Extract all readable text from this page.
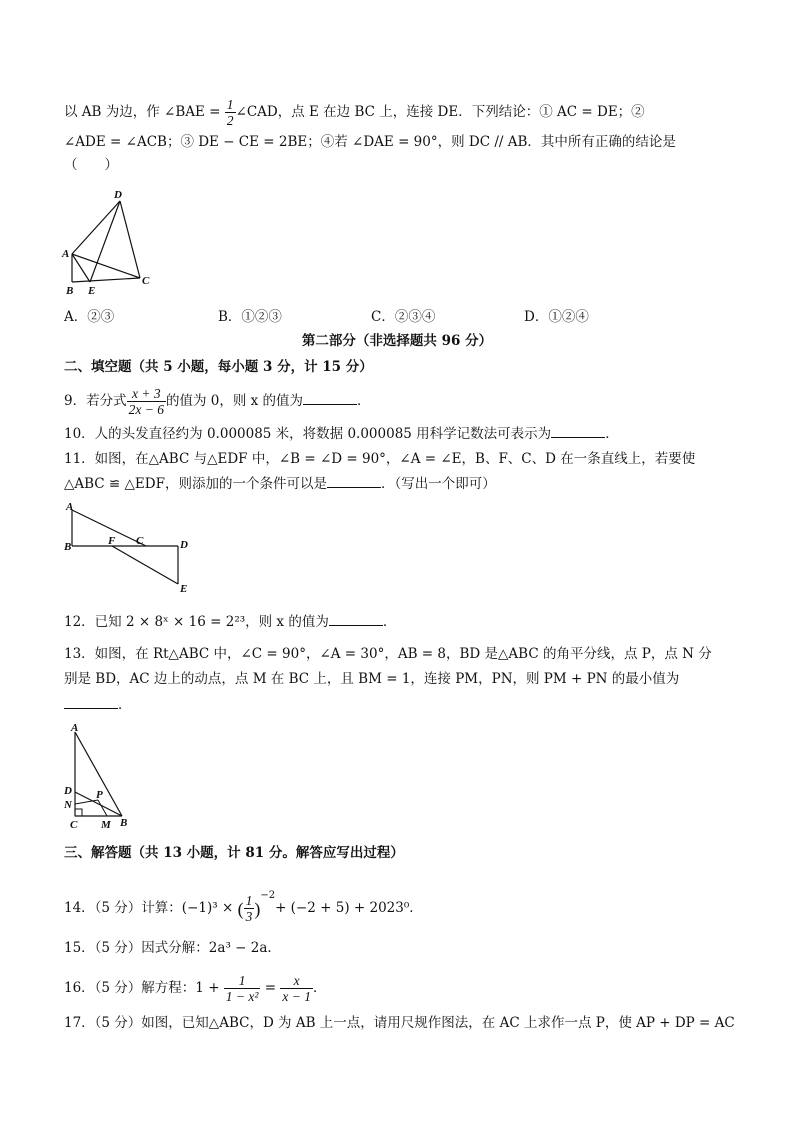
以 AB 为边，作 ∠BAE = $\frac{1}{2}$ ∠CAD，点 E 在边 BC 上，连接 DE．下列结论：① AC = DE；②
∠ADE = ∠ACB；③ DE − CE = 2BE；④若 ∠DAE = 90°，则 DC // AB．其中所有正确的结论是
（　　）
D
A
B E
C
A．②③	B．①②③	C．②③④	D．①②④
第二部分（非选择题共 96 分）
二、填空题（共 5 小题，每小题 3 分，计 15 分）
9．若分式 $\frac{x + 3}{2x - 6}$ 的值为 0，则 x 的值为	．
10．人的头发直径约为 0.000085 米，将数据 0.000085 用科学记数法可表示为	．
11．如图，在△ABC 与△EDF 中，∠B = ∠D = 90°，∠A = ∠E，B、F、C、D 在一条直线上，若要使
△ABC ≌ △EDF，则添加的一个条件可以是	．（写出一个即可）
A
B	F C	D
E
12．已知 2 × 8ˣ × 16 = 2²³，则 x 的值为	．
13．如图，在 Rt△ABC 中，∠C = 90°，∠A = 30°，AB = 8，BD 是△ABC 的角平分线，点 P，点 N 分
别是 BD，AC 边上的动点，点 M 在 BC 上，且 BM = 1，连接 PM，PN，则 PM + PN 的最小值为
．
A
D
N
P
C M B
三、解答题（共 13 小题，计 81 分。解答应写出过程）
14．（5 分）计算：(−1)³ × ( $\frac{1}{3} )^{-2}+ (-2 + 5) + 2023^0$．
15．（5 分）因式分解：2a³ − 2a．
16．（5 分）解方程：$1 + \frac{1}{\text{1 − x²}} = \frac{x}{x - 1}$ ．
17．（5 分）如图，已知△ABC，D 为 AB 上一点，请用尺规作图法，在 AC 上求作一点 P，使 AP + DP = AC
